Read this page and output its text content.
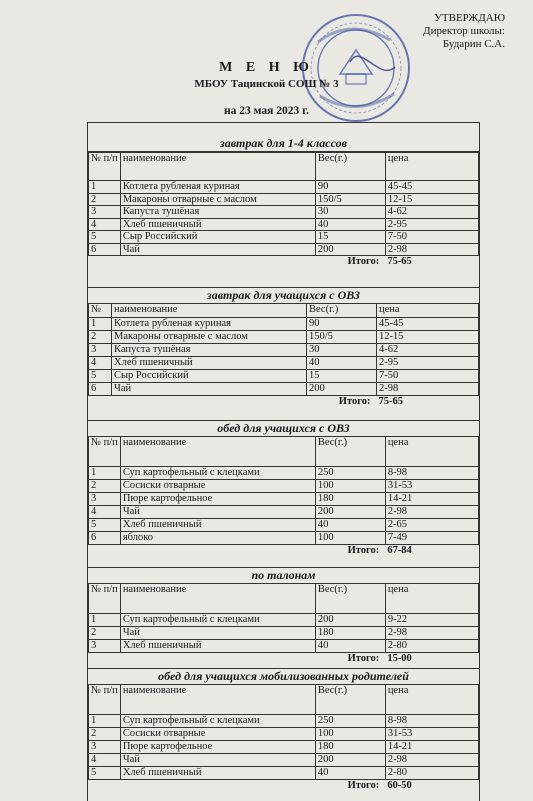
УТВЕРЖДАЮ
Директор школы:
Бударин С.А.
М Е Н Ю
МБОУ Тацинской СОШ № 3
на 23 мая 2023 г.
завтрак для 1-4 классов
№ п/п	наименование	Вес(г.)	цена
1	Котлета рубленая куриная	90	45-45
2	Макароны отварные с маслом	150/5	12-15
3	Капуста тушёная	30	4-62
4	Хлеб пшеничный	40	2-95
5	Сыр Российский	15	7-50
6	Чай	200	2-98
Итого:			75-65
завтрак для учащихся с ОВЗ
№	наименование	Вес(г.)	цена
1	Котлета рубленая куриная	90	45-45
2	Макароны отварные с маслом	150/5	12-15
3	Капуста тушёная	30	4-62
4	Хлеб пшеничный	40	2-95
5	Сыр Российский	15	7-50
6	Чай	200	2-98
Итого:			75-65
обед для учащихся с ОВЗ
№ п/п	наименование	Вес(г.)	цена
1	Суп картофельный с клецками	250	8-98
2	Сосиски отварные	100	31-53
3	Пюре картофельное	180	14-21
4	Чай	200	2-98
5	Хлеб пшеничный	40	2-65
6	яблоко	100	7-49
Итого:			67-84
по талонам
№ п/п	наименование	Вес(г.)	цена
1	Суп картофельный с клецками	200	9-22
2	Чай	180	2-98
3	Хлеб пшеничный	40	2-80
Итого:			15-00
обед для учащихся мобилизованных родителей
№ п/п	наименование	Вес(г.)	цена
1	Суп картофельный с клецками	250	8-98
2	Сосиски отварные	100	31-53
3	Пюре картофельное	180	14-21
4	Чай	200	2-98
5	Хлеб пшеничный	40	2-80
Итого:			60-50
